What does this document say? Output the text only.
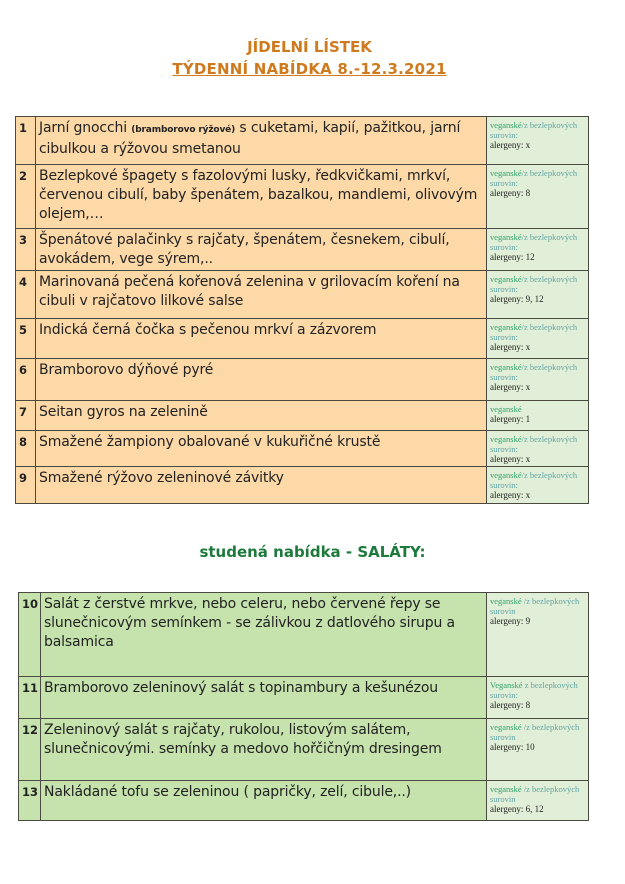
JÍDELNÍ LÍSTEK
TÝDENNÍ NABÍDKA 8.-12.3.2021
1	Jarní gnocchi (bramborovo rýžové) s cuketami, kapií, pažitkou, jarní cibulkou a rýžovou smetanou	veganské/z bezlepkových surovin:
alergeny: x

2	Bezlepkové špagety s fazolovými lusky, ředkvičkami, mrkví, červenou cibulí, baby špenátem, bazalkou, mandlemi, olivovým olejem,…	veganské/z bezlepkových surovin:
alergeny: 8

3	Špenátové palačinky s rajčaty, špenátem, česnekem, cibulí, avokádem, vege sýrem,..	veganské/z bezlepkových surovin:
alergeny: 12

4	Marinovaná pečená kořenová zelenina v grilovacím koření na cibuli v rajčatovo lilkové salse	veganské/z bezlepkových surovin:
alergeny: 9, 12

5	Indická černá čočka s pečenou mrkví a zázvorem	veganské/z bezlepkových surovin:
alergeny: x

6	Bramborovo dýňové pyré	veganské/z bezlepkových surovin:
alergeny: x

7	Seitan gyros na zelenině	veganské
alergeny: 1

8	Smažené žampiony obalované v kukuřičné krustě	veganské/z bezlepkových surovin:
alergeny: x

9	Smažené rýžovo zeleninové závitky	veganské/z bezlepkových surovin:
alergeny: x
studená nabídka - SALÁTY:
10	Salát z čerstvé mrkve, nebo celeru, nebo červené řepy se slunečnicovým semínkem - se zálivkou z datlového sirupu a balsamica	veganské /z bezlepkových surovin
alergeny: 9

11	Bramborovo zeleninový salát s topinambury a kešunézou	Veganské z bezlepkových surovin:
alergeny: 8

12	Zeleninový salát s rajčaty, rukolou, listovým salátem, slunečnicovými. semínky a medovo hořčičným dresingem	veganské /z bezlepkových surovin
alergeny: 10

13	Nakládané tofu se zeleninou ( papričky, zelí, cibule,..)	veganské /z bezlepkových surovin
alergeny: 6, 12
